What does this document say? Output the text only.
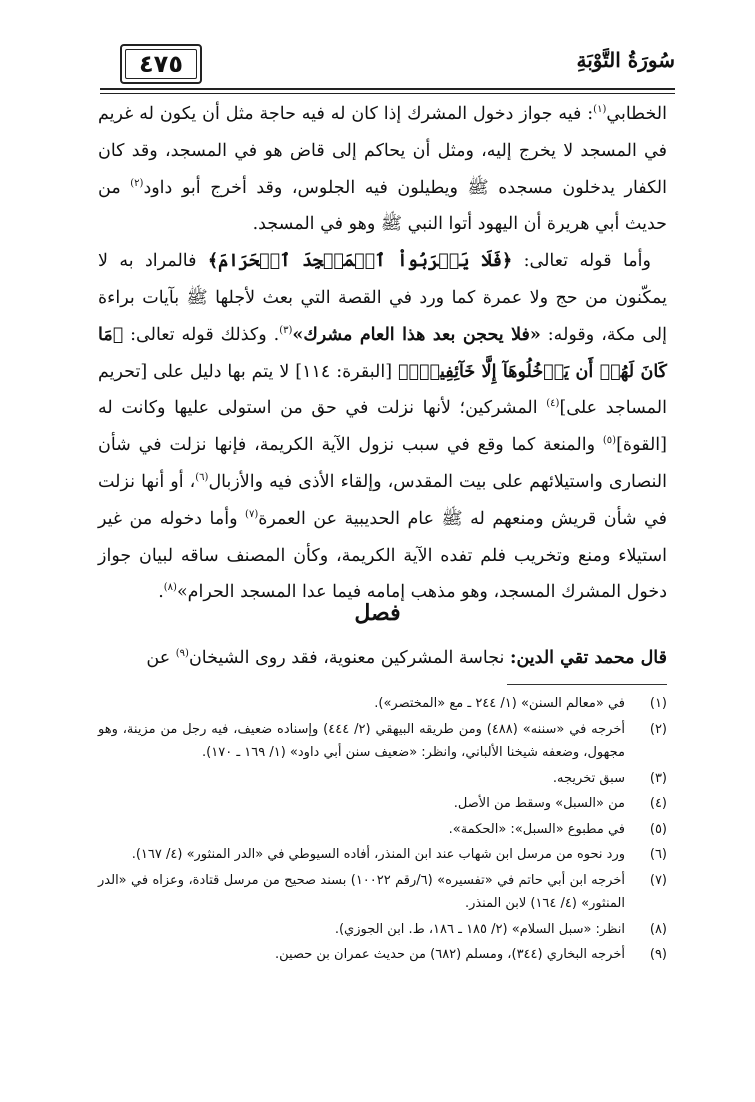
٤٧٥	سُورَةُ التَّوْبَةِ

الخطابي$^{(١)}$: فيه جواز دخول المشرك إذا كان له فيه حاجة مثل أن يكون له غريم في المسجد لا يخرج إليه، ومثل أن يحاكم إلى قاض هو في المسجد، وقد كان الكفار يدخلون مسجده ﷺ ويطيلون فيه الجلوس، وقد أخرج أبو داود$^{(٢)}$ من حديث أبي هريرة أن اليهود أتوا النبي ﷺ وهو في المسجد.

وأما قوله تعالى: ﴿فَلَا يَقۡرَبُواْ ٱلۡمَسۡجِدَ ٱلۡحَرَامَ﴾ فالمراد به لا يمكّنون من حج ولا عمرة كما ورد في القصة التي بعث لأجلها ﷺ بآيات براءة إلى مكة، وقوله: «فلا يحجن بعد هذا العام مشرك»$^{(٣)}$. وكذلك قوله تعالى: ﴿مَا كَانَ لَهُمۡ أَن يَدۡخُلُوهَآ إِلَّا خَآئِفِينَۚ﴾ [البقرة: ١١٤] لا يتم بها دليل على [تحريم المساجد على]$^{(٤)}$ المشركين؛ لأنها نزلت في حق من استولى عليها وكانت له [القوة]$^{(٥)}$ والمنعة كما وقع في سبب نزول الآية الكريمة، فإنها نزلت في شأن النصارى واستيلائهم على بيت المقدس، وإلقاء الأذى فيه والأزبال$^{(٦)}$، أو أنها نزلت في شأن قريش ومنعهم له ﷺ عام الحديبية عن العمرة$^{(٧)}$ وأما دخوله من غير استيلاء ومنع وتخريب فلم تفده الآية الكريمة، وكأن المصنف ساقه لبيان جواز دخول المشرك المسجد، وهو مذهب إمامه فيما عدا المسجد الحرام»$^{(٨)}$.

فصل
قال محمد تقي الدين: نجاسة المشركين معنوية، فقد روى الشيخان$^{(٩)}$ عن
(١)
في «معالم السنن» (١/ ٢٤٤ ـ مع «المختصر»).
(٢)
أخرجه في «سننه» (٤٨٨) ومن طريقه البيهقي (٢/ ٤٤٤) وإسناده ضعيف، فيه رجل من مزينة، وهو مجهول، وضعفه شيخنا الألباني، وانظر: «ضعيف سنن أبي داود» (١/ ١٦٩ ـ ١٧٠).
(٣)
سبق تخريجه.
(٤)
من «السبل» وسقط من الأصل.
(٥)
في مطبوع «السبل»: «الحكمة».
(٦)
ورد نحوه من مرسل ابن شهاب عند ابن المنذر، أفاده السيوطي في «الدر المنثور» (٤/ ١٦٧).
(٧)
أخرجه ابن أبي حاتم في «تفسيره» (٦/رقم ١٠٠٢٢) بسند صحيح من مرسل قتادة، وعزاه في «الدر المنثور» (٤/ ١٦٤) لابن المنذر.
(٨)
انظر: «سبل السلام» (٢/ ١٨٥ ـ ١٨٦، ط. ابن الجوزي).
(٩)
أخرجه البخاري (٣٤٤)، ومسلم (٦٨٢) من حديث عمران بن حصين.
